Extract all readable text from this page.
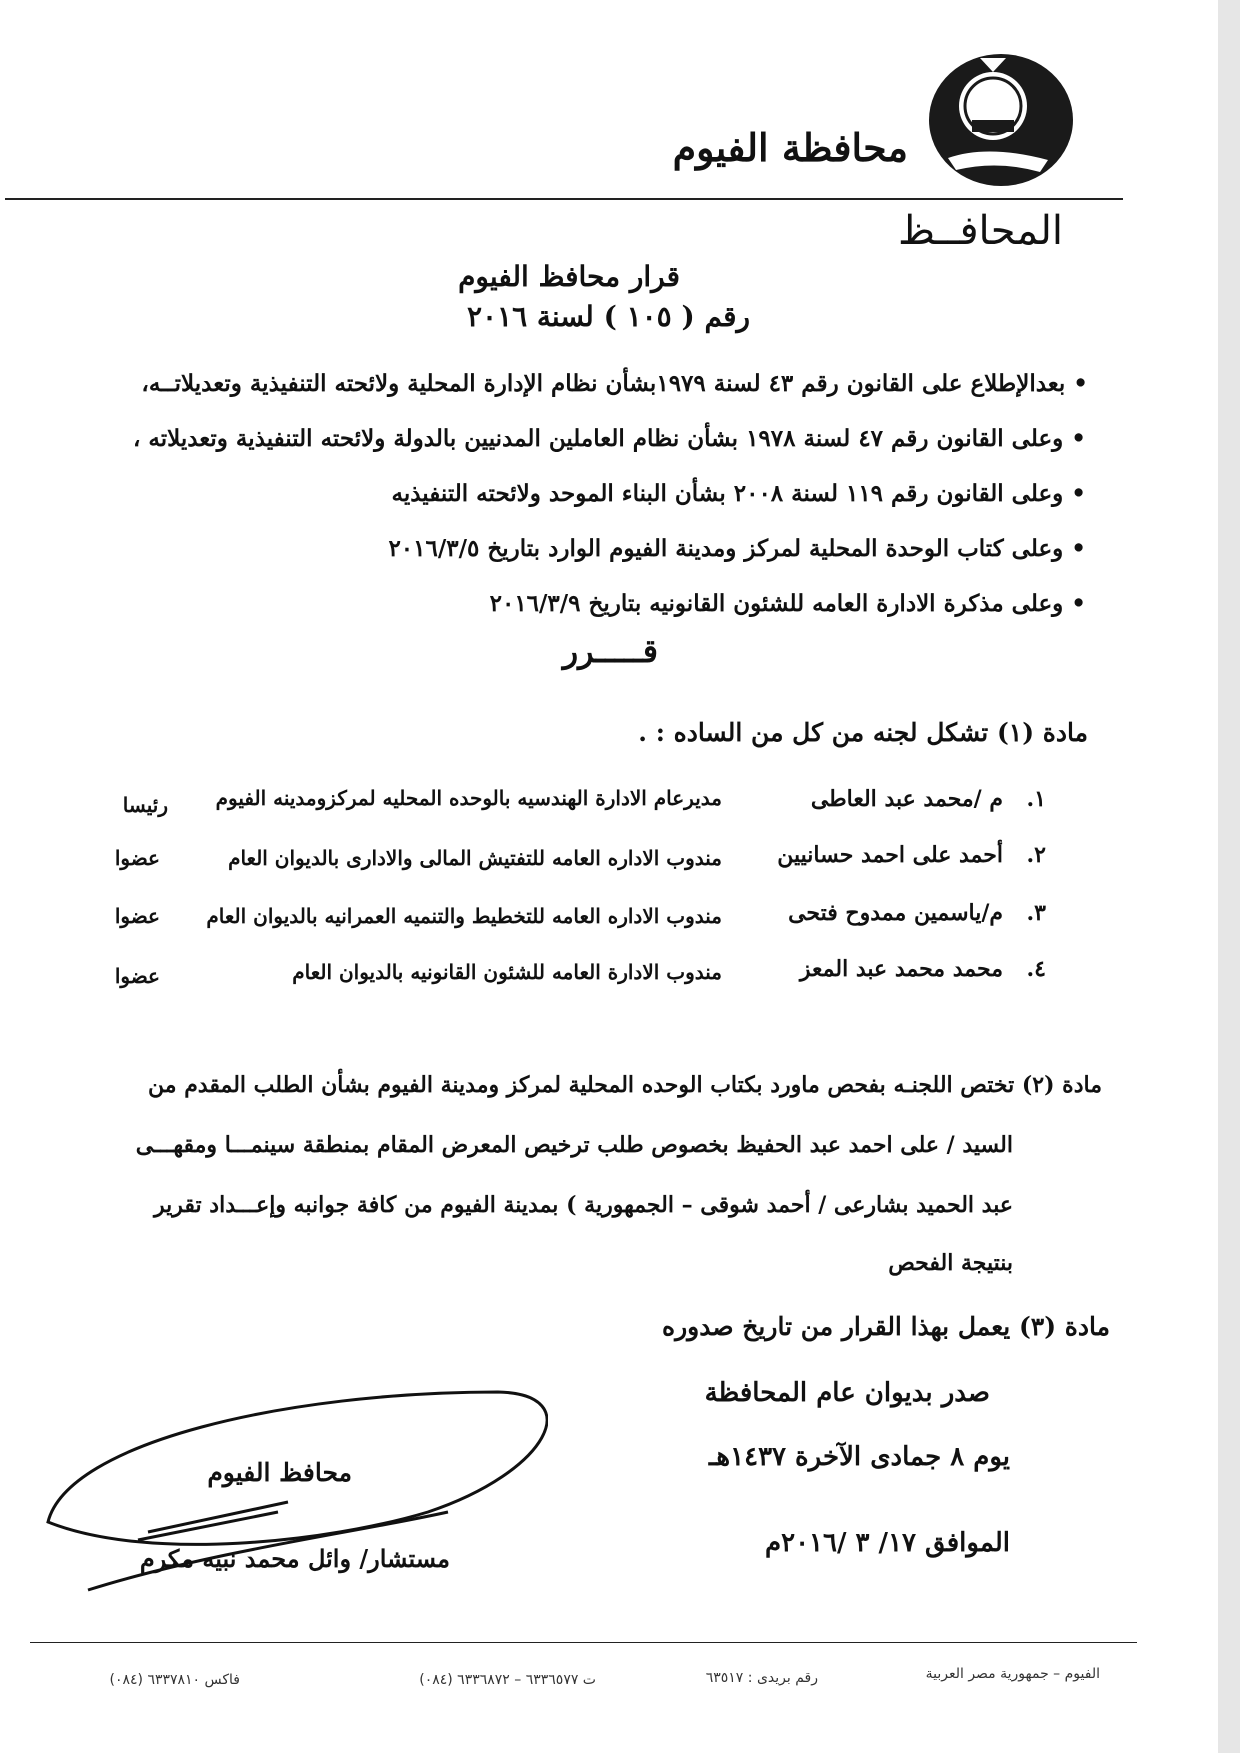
محافظة الفيوم
المحافــظ
قرار محافظ الفيوم
رقم ( ١٠٥ ) لسنة ٢٠١٦
• بعدالإطلاع على القانون رقم ٤٣ لسنة ١٩٧٩بشأن نظام الإدارة المحلية ولائحته التنفيذية وتعديلاتــه،
• وعلى القانون رقم ٤٧ لسنة ١٩٧٨ بشأن نظام العاملين المدنيين بالدولة ولائحته التنفيذية وتعديلاته ،
• وعلى القانون رقم ١١٩ لسنة ٢٠٠٨ بشأن البناء الموحد ولائحته التنفيذيه
• وعلى كتاب الوحدة المحلية لمركز ومدينة الفيوم الوارد بتاريخ ٢٠١٦/٣/٥
• وعلى مذكرة الادارة العامه للشئون القانونيه بتاريخ ٢٠١٦/٣/٩
قـــــرر
مادة (١) تشكل لجنه من كل من الساده : .
١.
م /محمد عبد العاطى
مديرعام الادارة الهندسيه بالوحده المحليه لمركزومدينه الفيوم
رئيسا
٢.
أحمد على احمد حسانيين
مندوب الاداره العامه للتفتيش المالى والادارى بالديوان العام
عضوا
٣.
م/ياسمين ممدوح فتحى
مندوب الاداره العامه للتخطيط والتنميه العمرانيه بالديوان العام
عضوا
٤.
محمد محمد عبد المعز
مندوب الادارة العامه للشئون القانونيه بالديوان العام
عضوا
مادة (٢) تختص اللجنـه بفحص ماورد بكتاب الوحده المحلية لمركز ومدينة الفيوم بشأن الطلب المقدم من
السيد / على احمد عبد الحفيظ بخصوص طلب ترخيص المعرض المقام بمنطقة سينمـــا ومقهـــى
عبد الحميد بشارعى / أحمد شوقى – الجمهورية ) بمدينة الفيوم من كافة جوانبه وإعـــداد تقرير
بنتيجة الفحص
مادة (٣) يعمل بهذا القرار من تاريخ صدوره
صدر بديوان عام المحافظة
يوم ٨ جمادى الآخرة ١٤٣٧هـ
الموافق ١٧/ ٣ /٢٠١٦م
محافظ الفيوم
مستشار/ وائل محمد نبيه مكرم
الفيوم – جمهورية مصر العربية
رقم بريدى : ٦٣٥١٧
ت ٦٣٣٦٥٧٧ – ٦٣٣٦٨٧٢ (٠٨٤)
فاكس ٦٣٣٧٨١٠ (٠٨٤)
